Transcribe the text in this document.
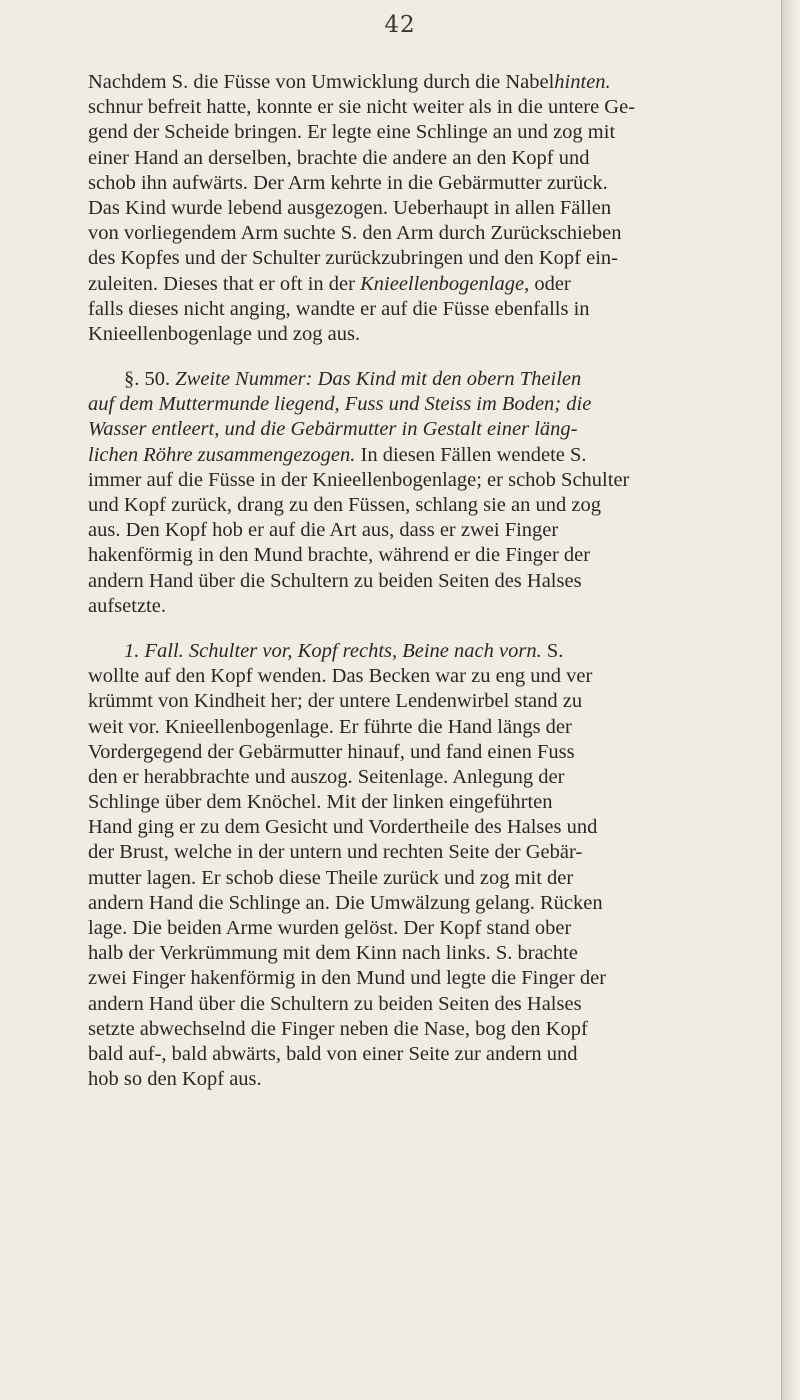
42
Nachdem S. die Füsse von Umwicklung durch die Nabelhinten.
schnur befreit hatte, konnte er sie nicht weiter als in die untere Ge-
gend der Scheide bringen. Er legte eine Schlinge an und zog mit
einer Hand an derselben, brachte die andere an den Kopf und
schob ihn aufwärts. Der Arm kehrte in die Gebärmutter zurück.
Das Kind wurde lebend ausgezogen. Ueberhaupt in allen Fällen
von vorliegendem Arm suchte S. den Arm durch Zurückschieben
des Kopfes und der Schulter zurückzubringen und den Kopf ein-
zuleiten. Dieses that er oft in der Knieellenbogenlage, oder
falls dieses nicht anging, wandte er auf die Füsse ebenfalls in
Knieellenbogenlage und zog aus.
§. 50. Zweite Nummer: Das Kind mit den obern Theilen
auf dem Muttermunde liegend, Fuss und Steiss im Boden; die
Wasser entleert, und die Gebärmutter in Gestalt einer läng-
lichen Röhre zusammengezogen. In diesen Fällen wendete S.
immer auf die Füsse in der Knieellenbogenlage; er schob Schulter
und Kopf zurück, drang zu den Füssen, schlang sie an und zog
aus. Den Kopf hob er auf die Art aus, dass er zwei Finger
hakenförmig in den Mund brachte, während er die Finger der
andern Hand über die Schultern zu beiden Seiten des Halses
aufsetzte.
1. Fall. Schulter vor, Kopf rechts, Beine nach vorn. S.
wollte auf den Kopf wenden. Das Becken war zu eng und ver
krümmt von Kindheit her; der untere Lendenwirbel stand zu
weit vor. Knieellenbogenlage. Er führte die Hand längs der
Vordergegend der Gebärmutter hinauf, und fand einen Fuss
den er herabbrachte und auszog. Seitenlage. Anlegung der
Schlinge über dem Knöchel. Mit der linken eingeführten
Hand ging er zu dem Gesicht und Vordertheile des Halses und
der Brust, welche in der untern und rechten Seite der Gebär-
mutter lagen. Er schob diese Theile zurück und zog mit der
andern Hand die Schlinge an. Die Umwälzung gelang. Rücken
lage. Die beiden Arme wurden gelöst. Der Kopf stand ober
halb der Verkrümmung mit dem Kinn nach links. S. brachte
zwei Finger hakenförmig in den Mund und legte die Finger der
andern Hand über die Schultern zu beiden Seiten des Halses
setzte abwechselnd die Finger neben die Nase, bog den Kopf
bald auf-, bald abwärts, bald von einer Seite zur andern und
hob so den Kopf aus.
